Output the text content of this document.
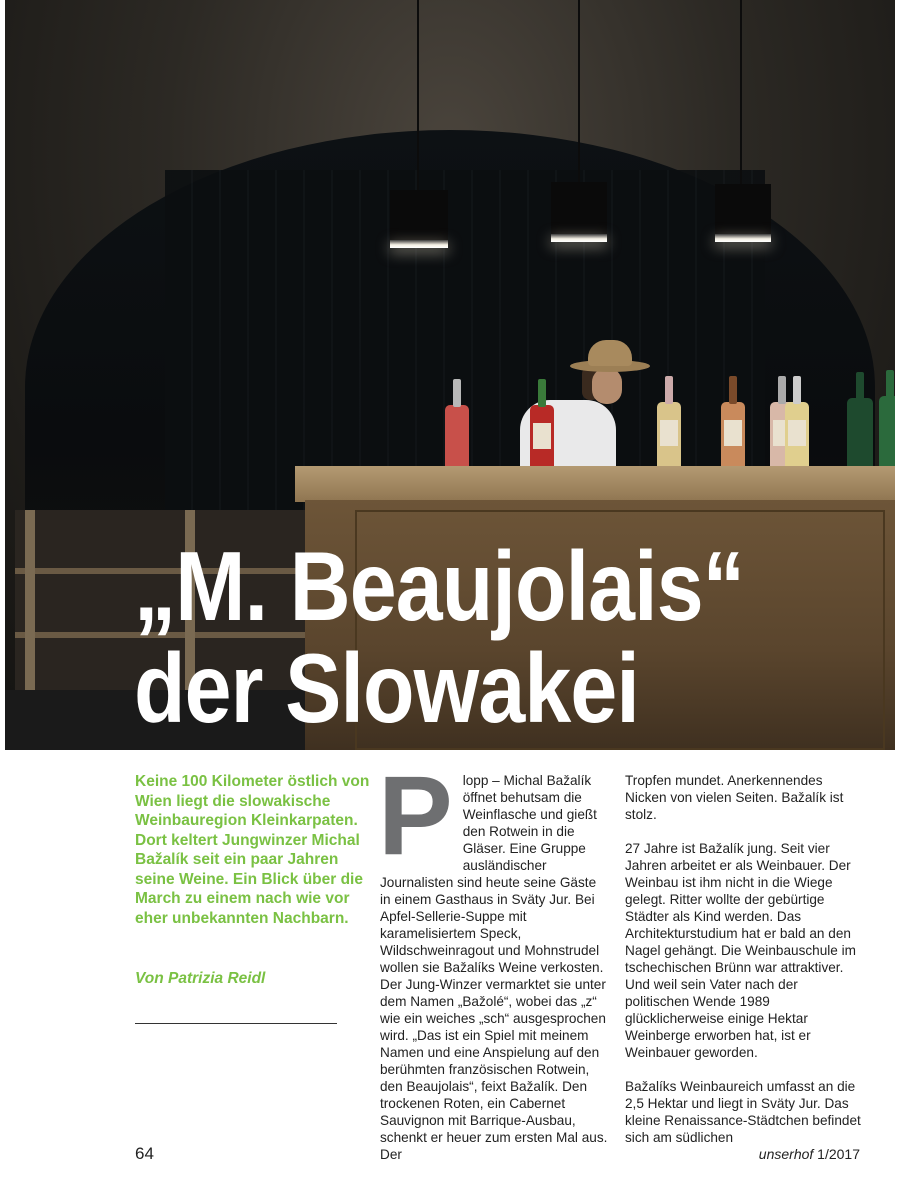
„M. Beaujolais“
der Slowakei

Keine 100 Kilometer östlich von Wien liegt die slowakische Weinbauregion Kleinkarpaten. Dort keltert Jungwinzer Michal Bažalík seit ein paar Jahren seine Weine. Ein Blick über die March zu einem nach wie vor eher unbekannten Nachbarn.

Von Patrizia Reidl

P lopp – Michal Bažalík öffnet behutsam die Weinflasche und gießt den Rotwein in die Gläser. Eine Gruppe ausländischer Journalisten sind heute seine Gäste in einem Gasthaus in Sväty Jur. Bei Apfel-Sellerie-Suppe mit karamelisiertem Speck, Wildschweinragout und Mohnstrudel wollen sie Bažalíks Weine verkosten. Der Jung-Winzer vermarktet sie unter dem Namen „Bažolé“, wobei das „z“ wie ein weiches „sch“ ausgesprochen wird. „Das ist ein Spiel mit meinem Namen und eine Anspielung auf den berühmten französischen Rotwein, den Beaujolais“, feixt Bažalík. Den trockenen Roten, ein Cabernet Sauvignon mit Barrique-Ausbau, schenkt er heuer zum ersten Mal aus. Der

Tropfen mundet. Anerkennendes Nicken von vielen Seiten. Bažalík ist stolz.

27 Jahre ist Bažalík jung. Seit vier Jahren arbeitet er als Weinbauer. Der Weinbau ist ihm nicht in die Wiege gelegt. Ritter wollte der gebürtige Städter als Kind werden. Das Architekturstudium hat er bald an den Nagel gehängt. Die Weinbauschule im tschechischen Brünn war attraktiver. Und weil sein Vater nach der politischen Wende 1989 glücklicherweise einige Hektar Weinberge erworben hat, ist er Weinbauer geworden.

Bažalíks Weinbaureich umfasst an die 2,5 Hektar und liegt in Sväty Jur. Das kleine Renaissance-Städtchen befindet sich am südlichen

64	unserhof 1/2017
